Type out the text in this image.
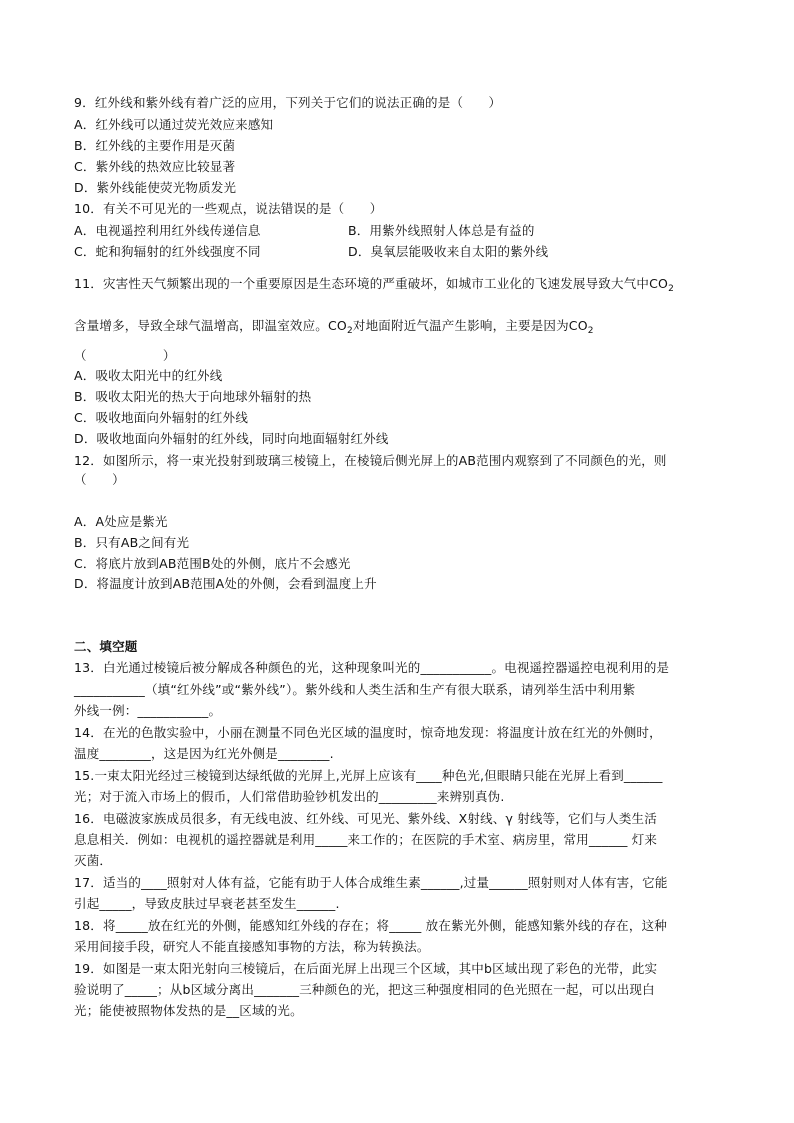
9．红外线和紫外线有着广泛的应用，下列关于它们的说法正确的是（　　）
A．红外线可以通过荧光效应来感知
B．红外线的主要作用是灭菌
C．紫外线的热效应比较显著
D．紫外线能使荧光物质发光
10．有关不可见光的一些观点，说法错误的是（　　）
A．电视遥控利用红外线传递信息	B．用紫外线照射人体总是有益的
C．蛇和狗辐射的红外线强度不同	D．臭氧层能吸收来自太阳的紫外线
11．灾害性天气频繁出现的一个重要原因是生态环境的严重破坏，如城市工业化的飞速发展导致大气中$CO_2$
含量增多，导致全球气温增高，即温室效应。$CO_2$对地面附近气温产生影响，主要是因为$CO_2$
（　　　　　　）
A．吸收太阳光中的红外线
B．吸收太阳光的热大于向地球外辐射的热
C．吸收地面向外辐射的红外线
D．吸收地面向外辐射的红外线，同时向地面辐射红外线
12．如图所示，将一束光投射到玻璃三棱镜上，在棱镜后侧光屏上的AB范围内观察到了不同颜色的光，则
（　　）
A．A处应是紫光
B．只有AB之间有光
C．将底片放到AB范围B处的外侧，底片不会感光
D．将温度计放到AB范围A处的外侧，会看到温度上升
二、填空题
13．白光通过棱镜后被分解成各种颜色的光，这种现象叫光的___________。电视遥控器遥控电视利用的是
___________（填“红外线”或“紫外线”）。紫外线和人类生活和生产有很大联系，请列举生活中利用紫
外线一例：___________。
14．在光的色散实验中，小丽在测量不同色光区域的温度时，惊奇地发现：将温度计放在红光的外侧时，
温度________，这是因为红光外侧是________.
15.一束太阳光经过三棱镜到达绿纸做的光屏上,光屏上应该有____种色光,但眼睛只能在光屏上看到______
光；对于流入市场上的假币，人们常借助验钞机发出的_________来辨别真伪.
16．电磁波家族成员很多，有无线电波、红外线、可见光、紫外线、X射线、γ 射线等，它们与人类生活
息息相关．例如：电视机的遥控器就是利用_____来工作的；在医院的手术室、病房里，常用______ 灯来
灭菌．
17．适当的____照射对人体有益，它能有助于人体合成维生素______,过量______照射则对人体有害，它能
引起_____，导致皮肤过早衰老甚至发生______.
18．将_____放在红光的外侧，能感知红外线的存在；将_____ 放在紫光外侧，能感知紫外线的存在，这种
采用间接手段，研究人不能直接感知事物的方法，称为转换法。
19．如图是一束太阳光射向三棱镜后，在后面光屏上出现三个区域，其中b区域出现了彩色的光带，此实
验说明了_____；从b区域分离出_______三种颜色的光，把这三种强度相同的色光照在一起，可以出现白
光；能使被照物体发热的是__区域的光。
